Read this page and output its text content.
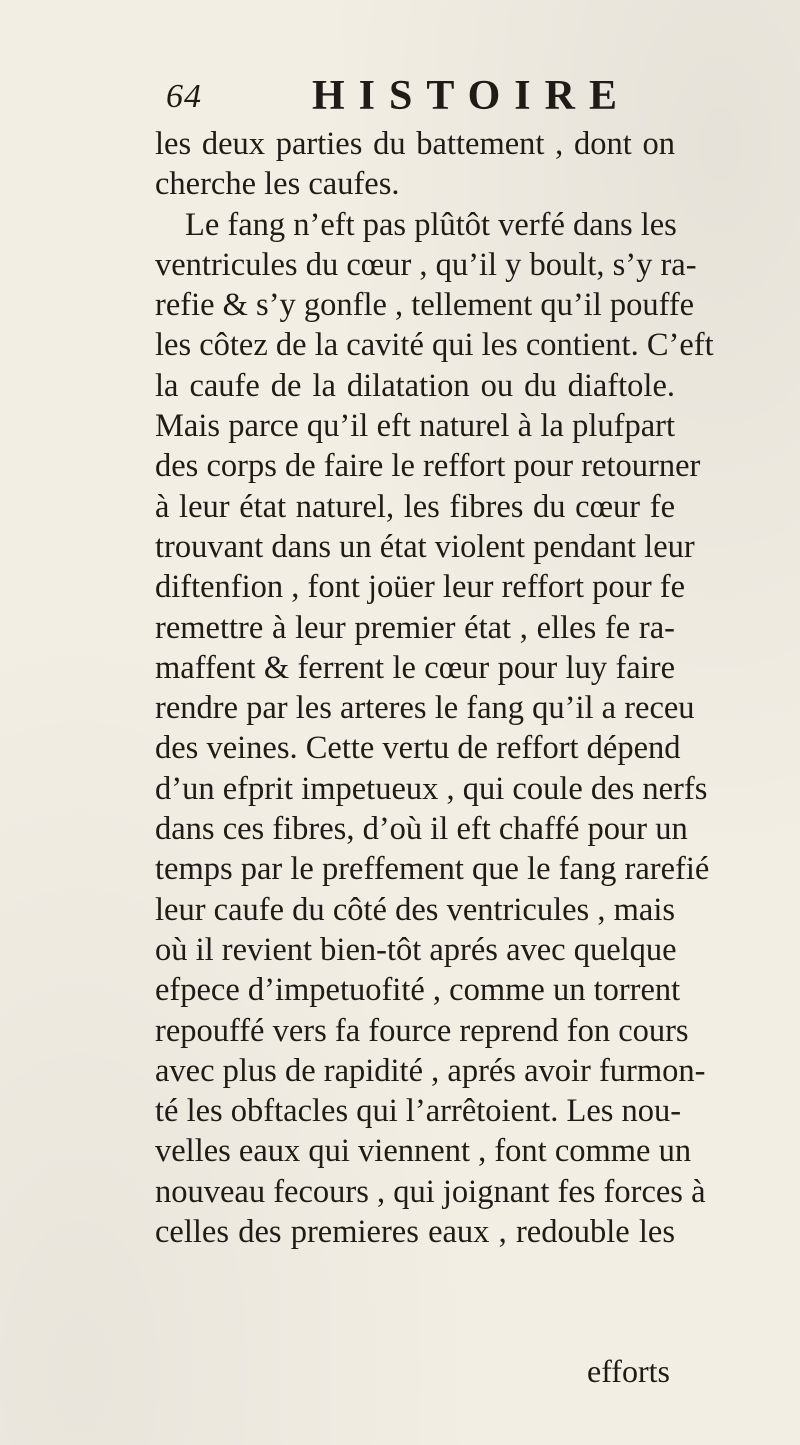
64	HISTOIRE
les deux parties du battement , dont on
cherche les caufes.
Le fang n’eft pas plûtôt verfé dans les
ventricules du cœur , qu’il y boult, s’y ra-
refie & s’y gonfle , tellement qu’il pouffe
les côtez de la cavité qui les contient. C’eft
la caufe de la dilatation ou du diaftole.
Mais parce qu’il eft naturel à la plufpart
des corps de faire le reffort pour retourner
à leur état naturel, les fibres du cœur fe
trouvant dans un état violent pendant leur
diftenfion , font joüer leur reffort pour fe
remettre à leur premier état , elles fe ra-
maffent & ferrent le cœur pour luy faire
rendre par les arteres le fang qu’il a receu
des veines. Cette vertu de reffort dépend
d’un efprit impetueux , qui coule des nerfs
dans ces fibres, d’où il eft chaffé pour un
temps par le preffement que le fang rarefié
leur caufe du côté des ventricules , mais
où il revient bien-tôt aprés avec quelque
efpece d’impetuofité , comme un torrent
repouffé vers fa fource reprend fon cours
avec plus de rapidité , aprés avoir furmon-
té les obftacles qui l’arrêtoient. Les nou-
velles eaux qui viennent , font comme un
nouveau fecours , qui joignant fes forces à
celles des premieres eaux , redouble les
efforts
